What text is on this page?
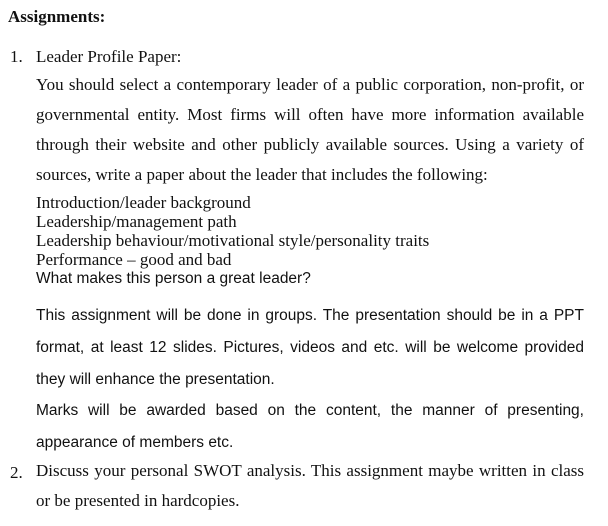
Assignments:
1. Leader Profile Paper:
You should select a contemporary leader of a public corporation, non-profit, or governmental entity. Most firms will often have more information available through their website and other publicly available sources. Using a variety of sources, write a paper about the leader that includes the following:
Introduction/leader background
Leadership/management path
Leadership behaviour/motivational style/personality traits
Performance – good and bad
What makes this person a great leader?
This assignment will be done in groups. The presentation should be in a PPT format, at least 12 slides. Pictures, videos and etc. will be welcome provided they will enhance the presentation.
Marks will be awarded based on the content, the manner of presenting, appearance of members etc.
2. Discuss your personal SWOT analysis. This assignment maybe written in class or be presented in hardcopies.
